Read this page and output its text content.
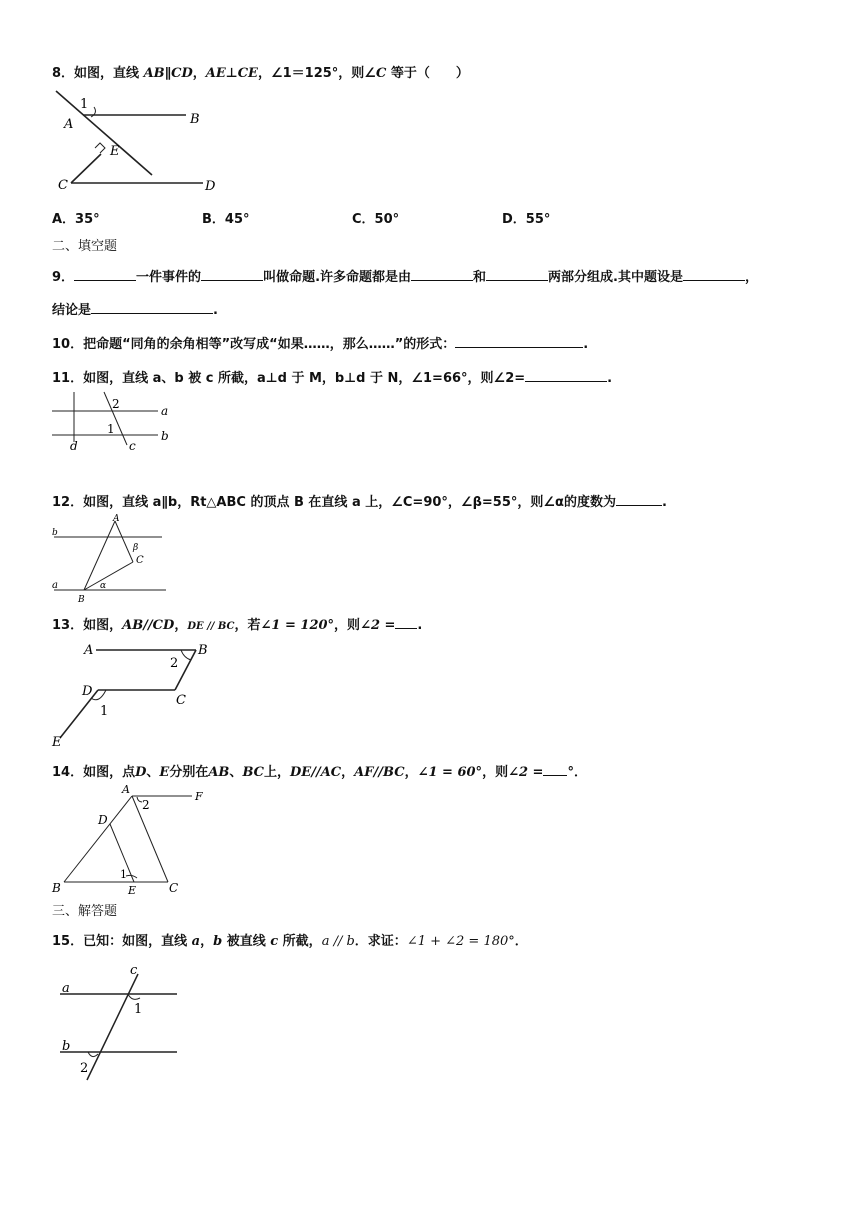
8．如图，直线 AB∥CD，AE⊥CE，∠1＝125°，则∠C 等于（　　）
1
A	B
E
C	D
A．35°	B．45°	C．50°	D．55°
二、填空题
9．	一件事件的	叫做命题.许多命题都是由	和	两部分组成.其中题设是	，
结论是	.
10．把命题“同角的余角相等”改写成“如果……，那么……”的形式：	.
11．如图，直线 a、b 被 c 所截，a⊥d 于 M，b⊥d 于 N，∠1=66°，则∠2=	.
2
1
a
b
d	c
12．如图，直线 a∥b，Rt△ABC 的顶点 B 在直线 a 上，∠C=90°，∠β=55°，则∠α的度数为	.
A
b
β
C
a	α
B
13．如图，AB//CD，DE // BC，若∠1 = 120°，则∠2 = .
A	B
2
D
1
C
E
14．如图，点D、E分别在AB、BC上，DE//AC，AF//BC，∠1 = 60°，则∠2 = °．
A
2
F
D
1
B	E	C
三、解答题
15．已知：如图，直线 a，b 被直线 c 所截，a // b．求证：∠1 + ∠2 = 180°．
c
a
1
b
2
